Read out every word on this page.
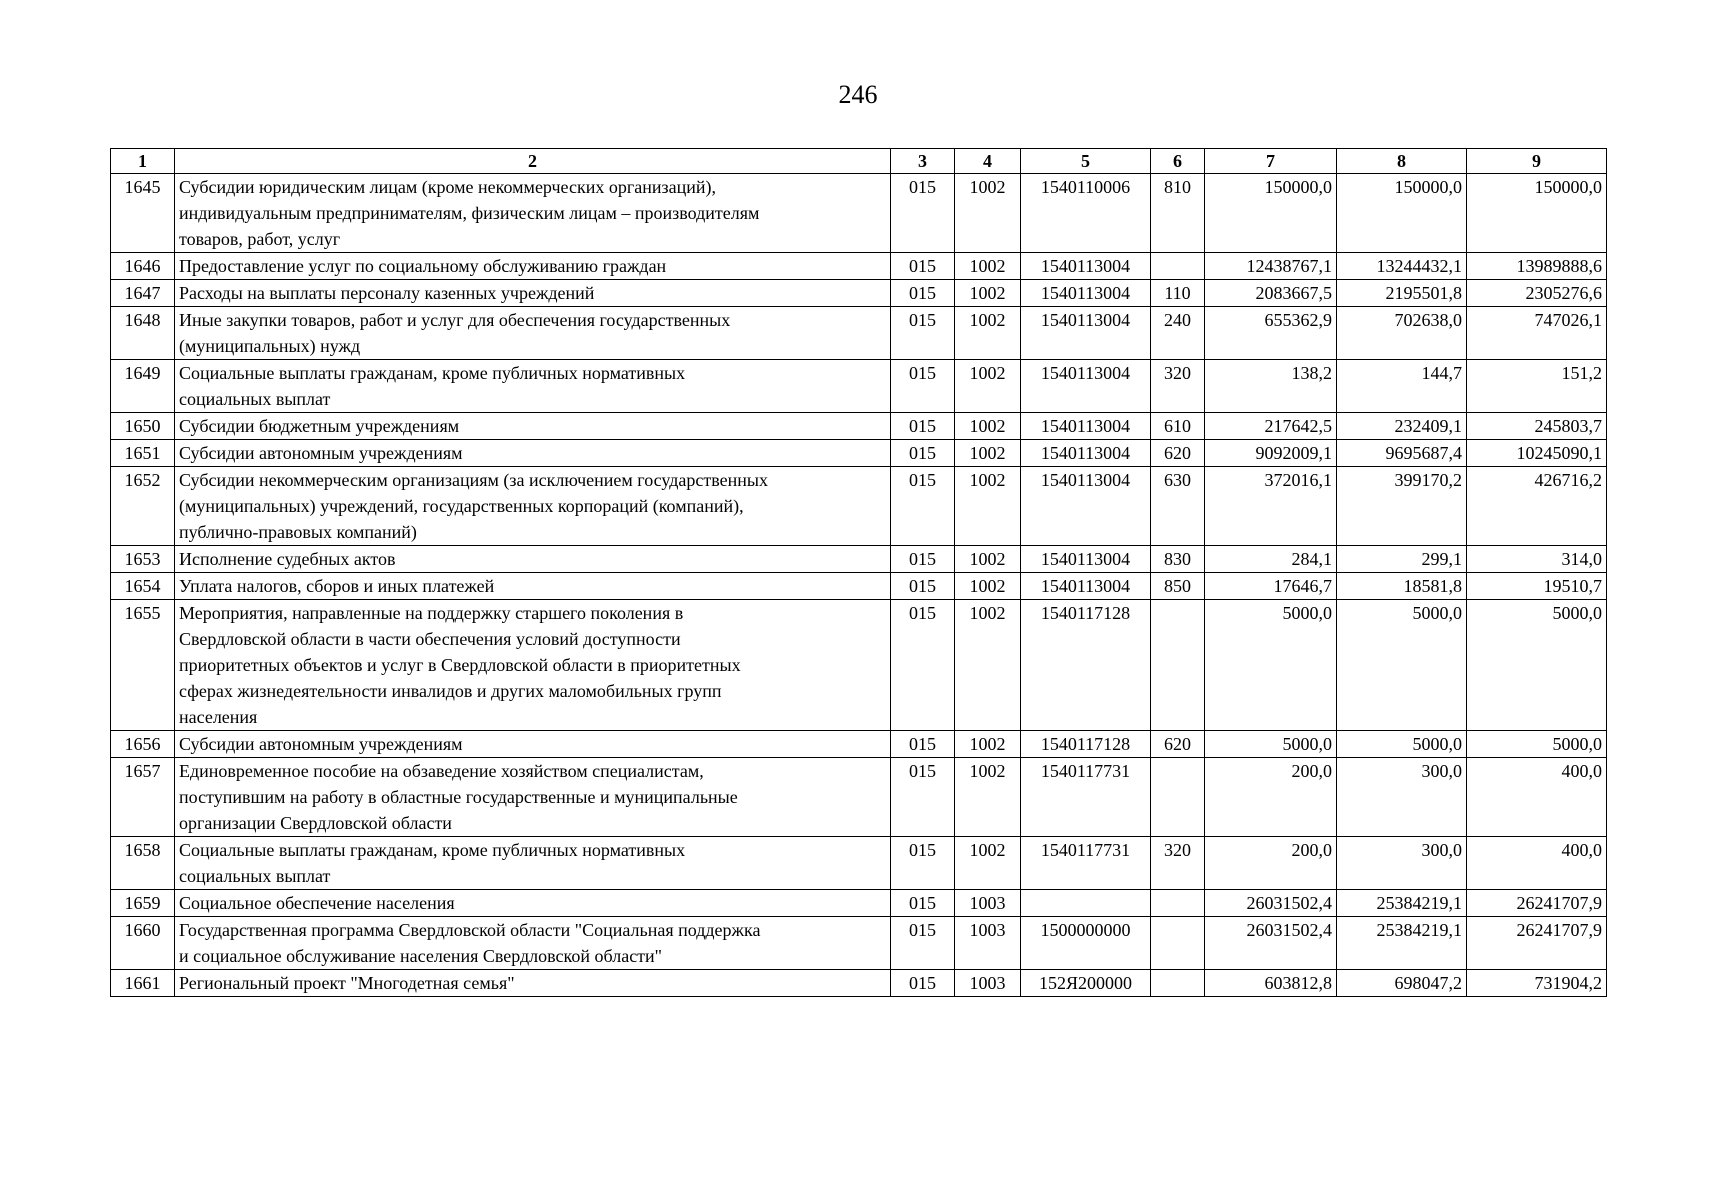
246
1	2	3	4	5	6	7	8	9
1645	Субсидии юридическим лицам (кроме некоммерческих организаций),
индивидуальным предпринимателям, физическим лицам – производителям
товаров, работ, услуг	015	1002	1540110006	810	150000,0	150000,0	150000,0
1646	Предоставление услуг по социальному обслуживанию граждан	015	1002	1540113004		12438767,1	13244432,1	13989888,6
1647	Расходы на выплаты персоналу казенных учреждений	015	1002	1540113004	110	2083667,5	2195501,8	2305276,6
1648	Иные закупки товаров, работ и услуг для обеспечения государственных
(муниципальных) нужд	015	1002	1540113004	240	655362,9	702638,0	747026,1
1649	Социальные выплаты гражданам, кроме публичных нормативных
социальных выплат	015	1002	1540113004	320	138,2	144,7	151,2
1650	Субсидии бюджетным учреждениям	015	1002	1540113004	610	217642,5	232409,1	245803,7
1651	Субсидии автономным учреждениям	015	1002	1540113004	620	9092009,1	9695687,4	10245090,1
1652	Субсидии некоммерческим организациям (за исключением государственных
(муниципальных) учреждений, государственных корпораций (компаний),
публично-правовых компаний)	015	1002	1540113004	630	372016,1	399170,2	426716,2
1653	Исполнение судебных актов	015	1002	1540113004	830	284,1	299,1	314,0
1654	Уплата налогов, сборов и иных платежей	015	1002	1540113004	850	17646,7	18581,8	19510,7
1655	Мероприятия, направленные на поддержку старшего поколения в
Свердловской области в части обеспечения условий доступности
приоритетных объектов и услуг в Свердловской области в приоритетных
сферах жизнедеятельности инвалидов и других маломобильных групп
населения	015	1002	1540117128		5000,0	5000,0	5000,0
1656	Субсидии автономным учреждениям	015	1002	1540117128	620	5000,0	5000,0	5000,0
1657	Единовременное пособие на обзаведение хозяйством специалистам,
поступившим на работу в областные государственные и муниципальные
организации Свердловской области	015	1002	1540117731		200,0	300,0	400,0
1658	Социальные выплаты гражданам, кроме публичных нормативных
социальных выплат	015	1002	1540117731	320	200,0	300,0	400,0
1659	Социальное обеспечение населения	015	1003			26031502,4	25384219,1	26241707,9
1660	Государственная программа Свердловской области "Социальная поддержка
и социальное обслуживание населения Свердловской области"	015	1003	1500000000		26031502,4	25384219,1	26241707,9
1661	Региональный проект "Многодетная семья"	015	1003	152Я200000		603812,8	698047,2	731904,2
